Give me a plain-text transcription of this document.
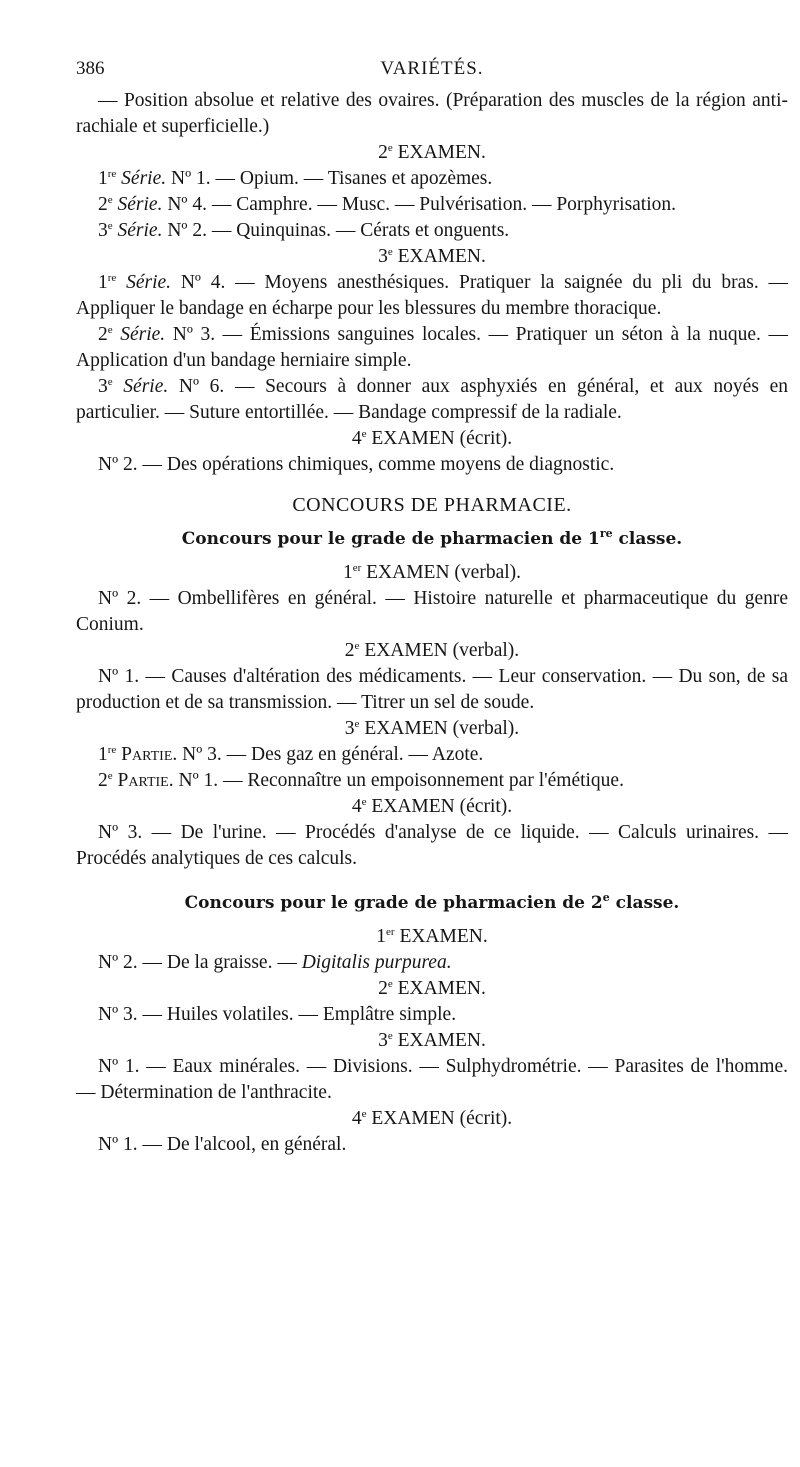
386	VARIÉTÉS.

— Position absolue et relative des ovaires. (Préparation des muscles de la région anti-rachiale et superficielle.)

2e EXAMEN.

1re Série. Nº 1. — Opium. — Tisanes et apozèmes.

2e Série. Nº 4. — Camphre. — Musc. — Pulvérisation. — Porphyrisation.

3e Série. Nº 2. — Quinquinas. — Cérats et onguents.

3e EXAMEN.

1re Série. Nº 4. — Moyens anesthésiques. Pratiquer la saignée du pli du bras. — Appliquer le bandage en écharpe pour les blessures du membre thoracique.

2e Série. Nº 3. — Émissions sanguines locales. — Pratiquer un séton à la nuque. — Application d'un bandage herniaire simple.

3e Série. Nº 6. — Secours à donner aux asphyxiés en général, et aux noyés en particulier. — Suture entortillée. — Bandage compressif de la radiale.

4e EXAMEN (écrit).

Nº 2. — Des opérations chimiques, comme moyens de diagnostic.

CONCOURS DE PHARMACIE.

Concours pour le grade de pharmacien de 1re classe.

1er EXAMEN (verbal).

Nº 2. — Ombellifères en général. — Histoire naturelle et pharmaceutique du genre Conium.

2e EXAMEN (verbal).

Nº 1. — Causes d'altération des médicaments. — Leur conservation. — Du son, de sa production et de sa transmission. — Titrer un sel de soude.

3e EXAMEN (verbal).

1re Partie. Nº 3. — Des gaz en général. — Azote.

2e Partie. Nº 1. — Reconnaître un empoisonnement par l'émétique.

4e EXAMEN (écrit).

Nº 3. — De l'urine. — Procédés d'analyse de ce liquide. — Calculs urinaires. — Procédés analytiques de ces calculs.

Concours pour le grade de pharmacien de 2e classe.

1er EXAMEN.

Nº 2. — De la graisse. — Digitalis purpurea.

2e EXAMEN.

Nº 3. — Huiles volatiles. — Emplâtre simple.

3e EXAMEN.

Nº 1. — Eaux minérales. — Divisions. — Sulphydrométrie. — Parasites de l'homme. — Détermination de l'anthracite.

4e EXAMEN (écrit).

Nº 1. — De l'alcool, en général.
